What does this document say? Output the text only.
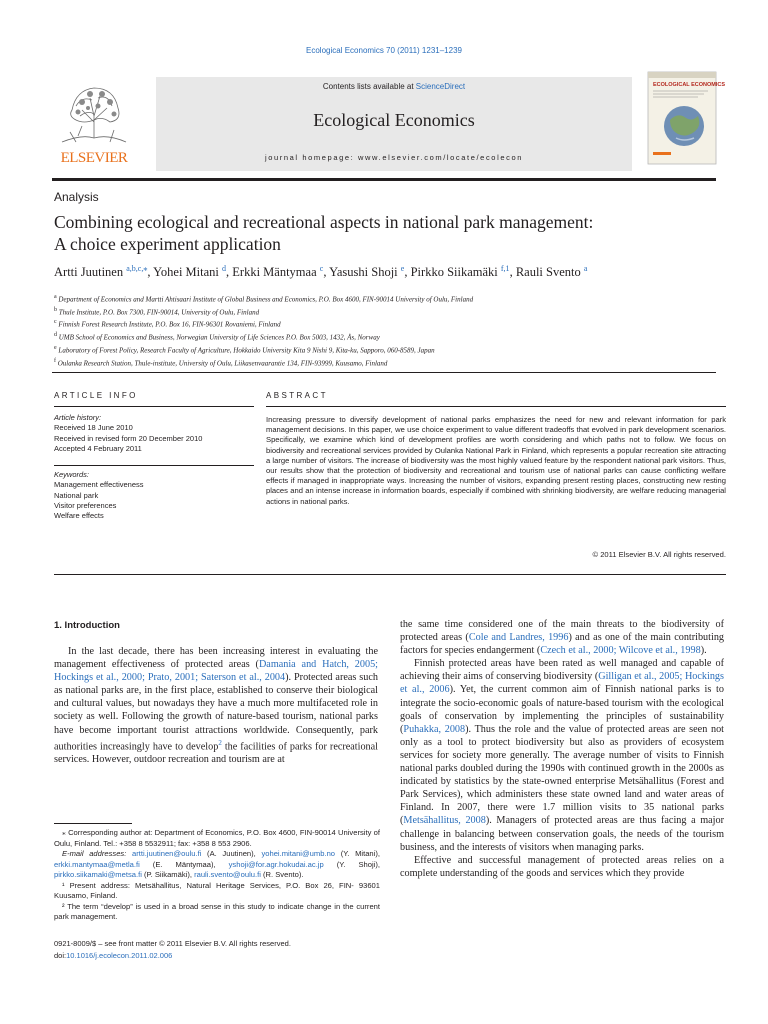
Ecological Economics 70 (2011) 1231–1239
ELSEVIER
Contents lists available at ScienceDirect
Ecological Economics
journal homepage: www.elsevier.com/locate/ecolecon
ECOLOGICAL ECONOMICS
Analysis
Combining ecological and recreational aspects in national park management:
A choice experiment application
Artti Juutinen $^{a,b,c,⁎}$, Yohei Mitani $^d$, Erkki Mäntymaa $^c$, Yasushi Shoji $^e$, Pirkko Siikamäki $^{f,1}$, Rauli Svento $^a$
$^a$ Department of Economics and Martti Ahtisaari Institute of Global Business and Economics, P.O. Box 4600, FIN-90014 University of Oulu, Finland
$^b$ Thule Institute, P.O. Box 7300, FIN-90014, University of Oulu, Finland
$^c$ Finnish Forest Research Institute, P.O. Box 16, FIN-96301 Rovaniemi, Finland
$^d$ UMB School of Economics and Business, Norwegian University of Life Sciences P.O. Box 5003, 1432, Ås, Norway
$^e$ Laboratory of Forest Policy, Research Faculty of Agriculture, Hokkaido University Kita 9 Nishi 9, Kita-ku, Sapporo, 060-8589, Japan
$^f$ Oulanka Research Station, Thule-institute, University of Oulu, Liikasenvaarantie 134, FIN-93999, Kuusamo, Finland
ARTICLE INFO	ABSTRACT
Article history:
Received 18 June 2010
Received in revised form 20 December 2010
Accepted 4 February 2011
Keywords:
Management effectiveness
National park
Visitor preferences
Welfare effects
Increasing pressure to diversify development of national parks emphasizes the need for new and relevant information for park management decisions. In this paper, we use choice experiment to value different tradeoffs that evolved in park development scenarios. Specifically, we examine which kind of development profiles are worth considering and which paths not to follow. We focus on biodiversity and recreational services provided by Oulanka National Park in Finland, which represents a popular recreation site attracting a large number of visitors. The increase of biodiversity was the most highly valued feature by the respondent national park visitors. Thus, our results show that the protection of biodiversity and recreational and tourism use of national parks can cause conflicting welfare effects if managed in inappropriate ways. Increasing the number of visitors, expanding present resting places, constructing new resting places and an intense increase in information boards, especially if combined with shrinking biodiversity, are welfare reducing managerial actions in national parks.
© 2011 Elsevier B.V. All rights reserved.
1. Introduction

In the last decade, there has been increasing interest in evaluating the management effectiveness of protected areas (Damania and Hatch, 2005; Hockings et al., 2000; Prato, 2001; Saterson et al., 2004). Protected areas such as national parks are, in the first place, established to conserve their biological and cultural values, but nowadays they have a much more multifaceted role in society as well. Following the growth of nature-based tourism, national parks have become important tourist attractions worldwide. Consequently, park authorities increasingly have to develop$^2$ the facilities of parks for recreational services. However, outdoor recreation and tourism are at

the same time considered one of the main threats to the biodiversity of protected areas (Cole and Landres, 1996) and as one of the main contributing factors for species endangerment (Czech et al., 2000; Wilcove et al., 1998).

Finnish protected areas have been rated as well managed and capable of achieving their aims of conserving biodiversity (Gilligan et al., 2005; Hockings et al., 2006). Yet, the current common aim of Finnish national parks is to integrate the socio-economic goals of nature-based tourism with the ecological goals of conservation by implementing the principles of sustainability (Puhakka, 2008). Thus the role and the value of protected areas are seen not only as a tool to protect biodiversity but also as providers of ecosystem services for society more generally. The average number of visits to Finnish national parks doubled during the 1990s with continued growth in the 2000s as indicated by statistics by the state-owned enterprise Metsähallitus (Forest and Park Services), which administers these state owned land and water areas of Finland. In 2007, there were 1.7 million visits to 35 national parks (Metsähallitus, 2008). Managers of protected areas are thus facing a major challenge in balancing between conservation goals, the needs of the tourism business, and the interests of visitors when managing parks.

Effective and successful management of protected areas relies on a complete understanding of the goods and services which they provide

⁎ Corresponding author at: Department of Economics, P.O. Box 4600, FIN-90014 University of Oulu, Finland. Tel.: +358 8 5532911; fax: +358 8 553 2906.
E-mail addresses: artti.juutinen@oulu.fi (A. Juutinen), yohei.mitani@umb.no (Y. Mitani), erkki.mantymaa@metla.fi (E. Mäntymaa), yshoji@for.agr.hokudai.ac.jp (Y. Shoji), pirkko.siikamaki@metsa.fi (P. Siikamäki), rauli.svento@oulu.fi (R. Svento).
¹ Present address: Metsähallitus, Natural Heritage Services, P.O. Box 26, FIN- 93601 Kuusamo, Finland.
² The term “develop” is used in a broad sense in this study to indicate change in the current park management.
0921-8009/$ – see front matter © 2011 Elsevier B.V. All rights reserved.
doi:10.1016/j.ecolecon.2011.02.006
